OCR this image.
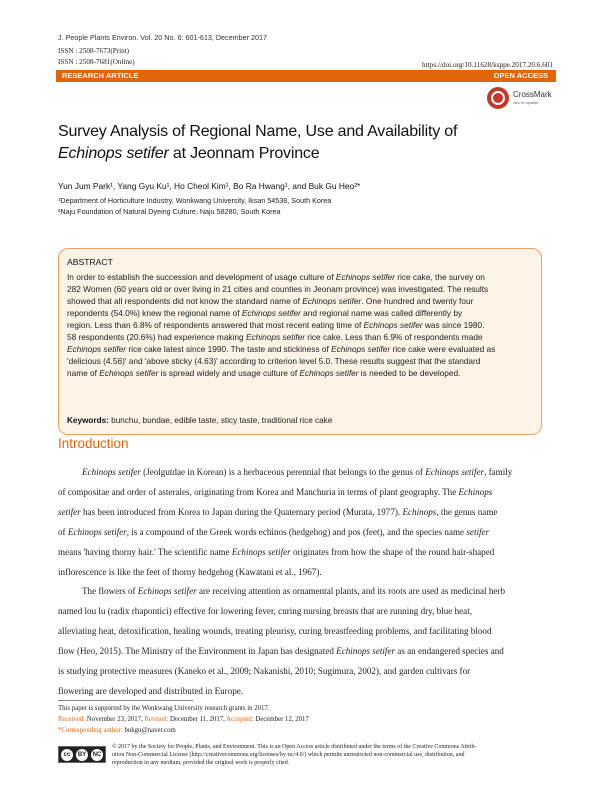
J. People Plants Environ. Vol. 20 No. 6: 601-613, December 2017
ISSN : 2508-7673(Print)
ISSN : 2508-7681(Online)	https://doi.org/10.11628/ksppe.2017.20.6.601
RESEARCH ARTICLE	OPEN ACCESS
CrossMark
click for updates
Survey Analysis of Regional Name, Use and Availability of
Echinops setifer at Jeonnam Province
Yun Jum Park¹, Yang Gyu Ku¹, Ho Cheol Kim¹, Bo Ra Hwang¹, and Buk Gu Heo²*
¹Department of Horticulture Industry, Wonkwang University, Iksan 54538, South Korea
²Naju Foundation of Natural Dyeing Culture, Naju 58280, South Korea
ABSTRACT
In order to establish the succession and development of usage culture of Echinops setifer rice cake, the survey on
282 Women (60 years old or over living in 21 cities and counties in Jeonam province) was investigated. The results
showed that all respondents did not know the standard name of Echinops setifer. One hundred and twenty four
repondents (54.0%) knew the regional name of Echinops setifer and regional name was called differently by
region. Less than 6.8% of respondents answered that most recent eating time of Echinops setifer was since 1980.
58 respondents (20.6%) had experience making Echinops setifer rice cake. Less than 6.9% of respondents made
Echinops setifer rice cake latest since 1990. The taste and stickiness of Echinops setifer rice cake were evaluated as
'delicious (4.56)' and 'above sticky (4.63)' according to criterion level 5.0. These results suggest that the standard
name of Echinops setifer is spread widely and usage culture of Echinops setifer is needed to be developed.
Keywords: bunchu, bundae, edible taste, sticy taste, traditional rice cake
Introduction
Echinops setifer (Jeolgutdae in Korean) is a herbaceous perennial that belongs to the genus of Echinops setifer, family
of compositae and order of asterales, originating from Korea and Manchuria in terms of plant geography. The Echinops
setifer has been introduced from Korea to Japan during the Quaternary period (Murata, 1977). Echinops, the genus name
of Echinops setifer, is a compound of the Greek words echinos (hedgehog) and pos (feet), and the species name setifer
means 'having thorny hair.' The scientific name Echinops setifer originates from how the shape of the round hair-shaped
inflorescence is like the feet of thorny hedgehog (Kawatani et al., 1967).
The flowers of Echinops setifer are receiving attention as ornamental plants, and its roots are used as medicinal herb
named lou lu (radix rhapontici) effective for lowering fever, curing nursing breasts that are running dry, blue heat,
alleviating heat, detoxification, healing wounds, treating pleurisy, curing breastfeeding problems, and facilitating blood
flow (Heo, 2015). The Ministry of the Environment in Japan has designated Echinops setifer as an endangered species and
is studying protective measures (Kaneko et al., 2009; Nakanishi, 2010; Sugimura, 2002), and garden cultivars for
flowering are developed and distributed in Europe.
This paper is supported by the Wonkwang University research grants in 2017.
Received: November 23, 2017, Revised: December 11, 2017, Accepted: December 12, 2017
*Corresponding author: bukgu@naver.com
cc	BY	NC
© 2017 by the Society for People, Plants, and Environment. This is an Open Access article distributed under the terms of the Creative Commons Attrib-
ution Non-Commercial License (http://creativecommons.org/licenses/by-nc/4.0/) which permits unrestricted non-commercial use, distribution, and
reproduction in any medium, provided the original work is properly cited.
